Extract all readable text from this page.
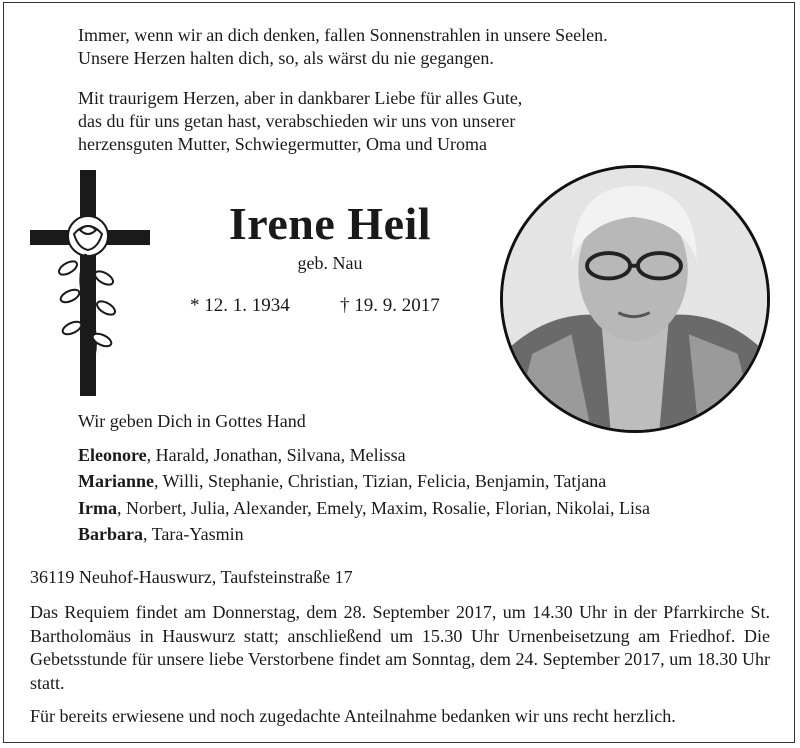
Immer, wenn wir an dich denken, fallen Sonnenstrahlen in unsere Seelen.
Unsere Herzen halten dich, so, als wärst du nie gegangen.
Mit traurigem Herzen, aber in dankbarer Liebe für alles Gute,
das du für uns getan hast, verabschieden wir uns von unserer
herzensguten Mutter, Schwiegermutter, Oma und Uroma
Irene Heil
geb. Nau
* 12. 1. 1934	† 19. 9. 2017
Wir geben Dich in Gottes Hand
Eleonore, Harald, Jonathan, Silvana, Melissa
Marianne, Willi, Stephanie, Christian, Tizian, Felicia, Benjamin, Tatjana
Irma, Norbert, Julia, Alexander, Emely, Maxim, Rosalie, Florian, Nikolai, Lisa
Barbara, Tara-Yasmin
36119 Neuhof-Hauswurz, Taufsteinstraße 17
Das Requiem findet am Donnerstag, dem 28. September 2017, um 14.30 Uhr in der Pfarrkirche St. Bartholomäus in Hauswurz statt; anschließend um 15.30 Uhr Urnenbeisetzung am Friedhof. Die Gebetsstunde für unsere liebe Verstorbene findet am Sonntag, dem 24. September 2017, um 18.30 Uhr statt.
Für bereits erwiesene und noch zugedachte Anteilnahme bedanken wir uns recht herzlich.
